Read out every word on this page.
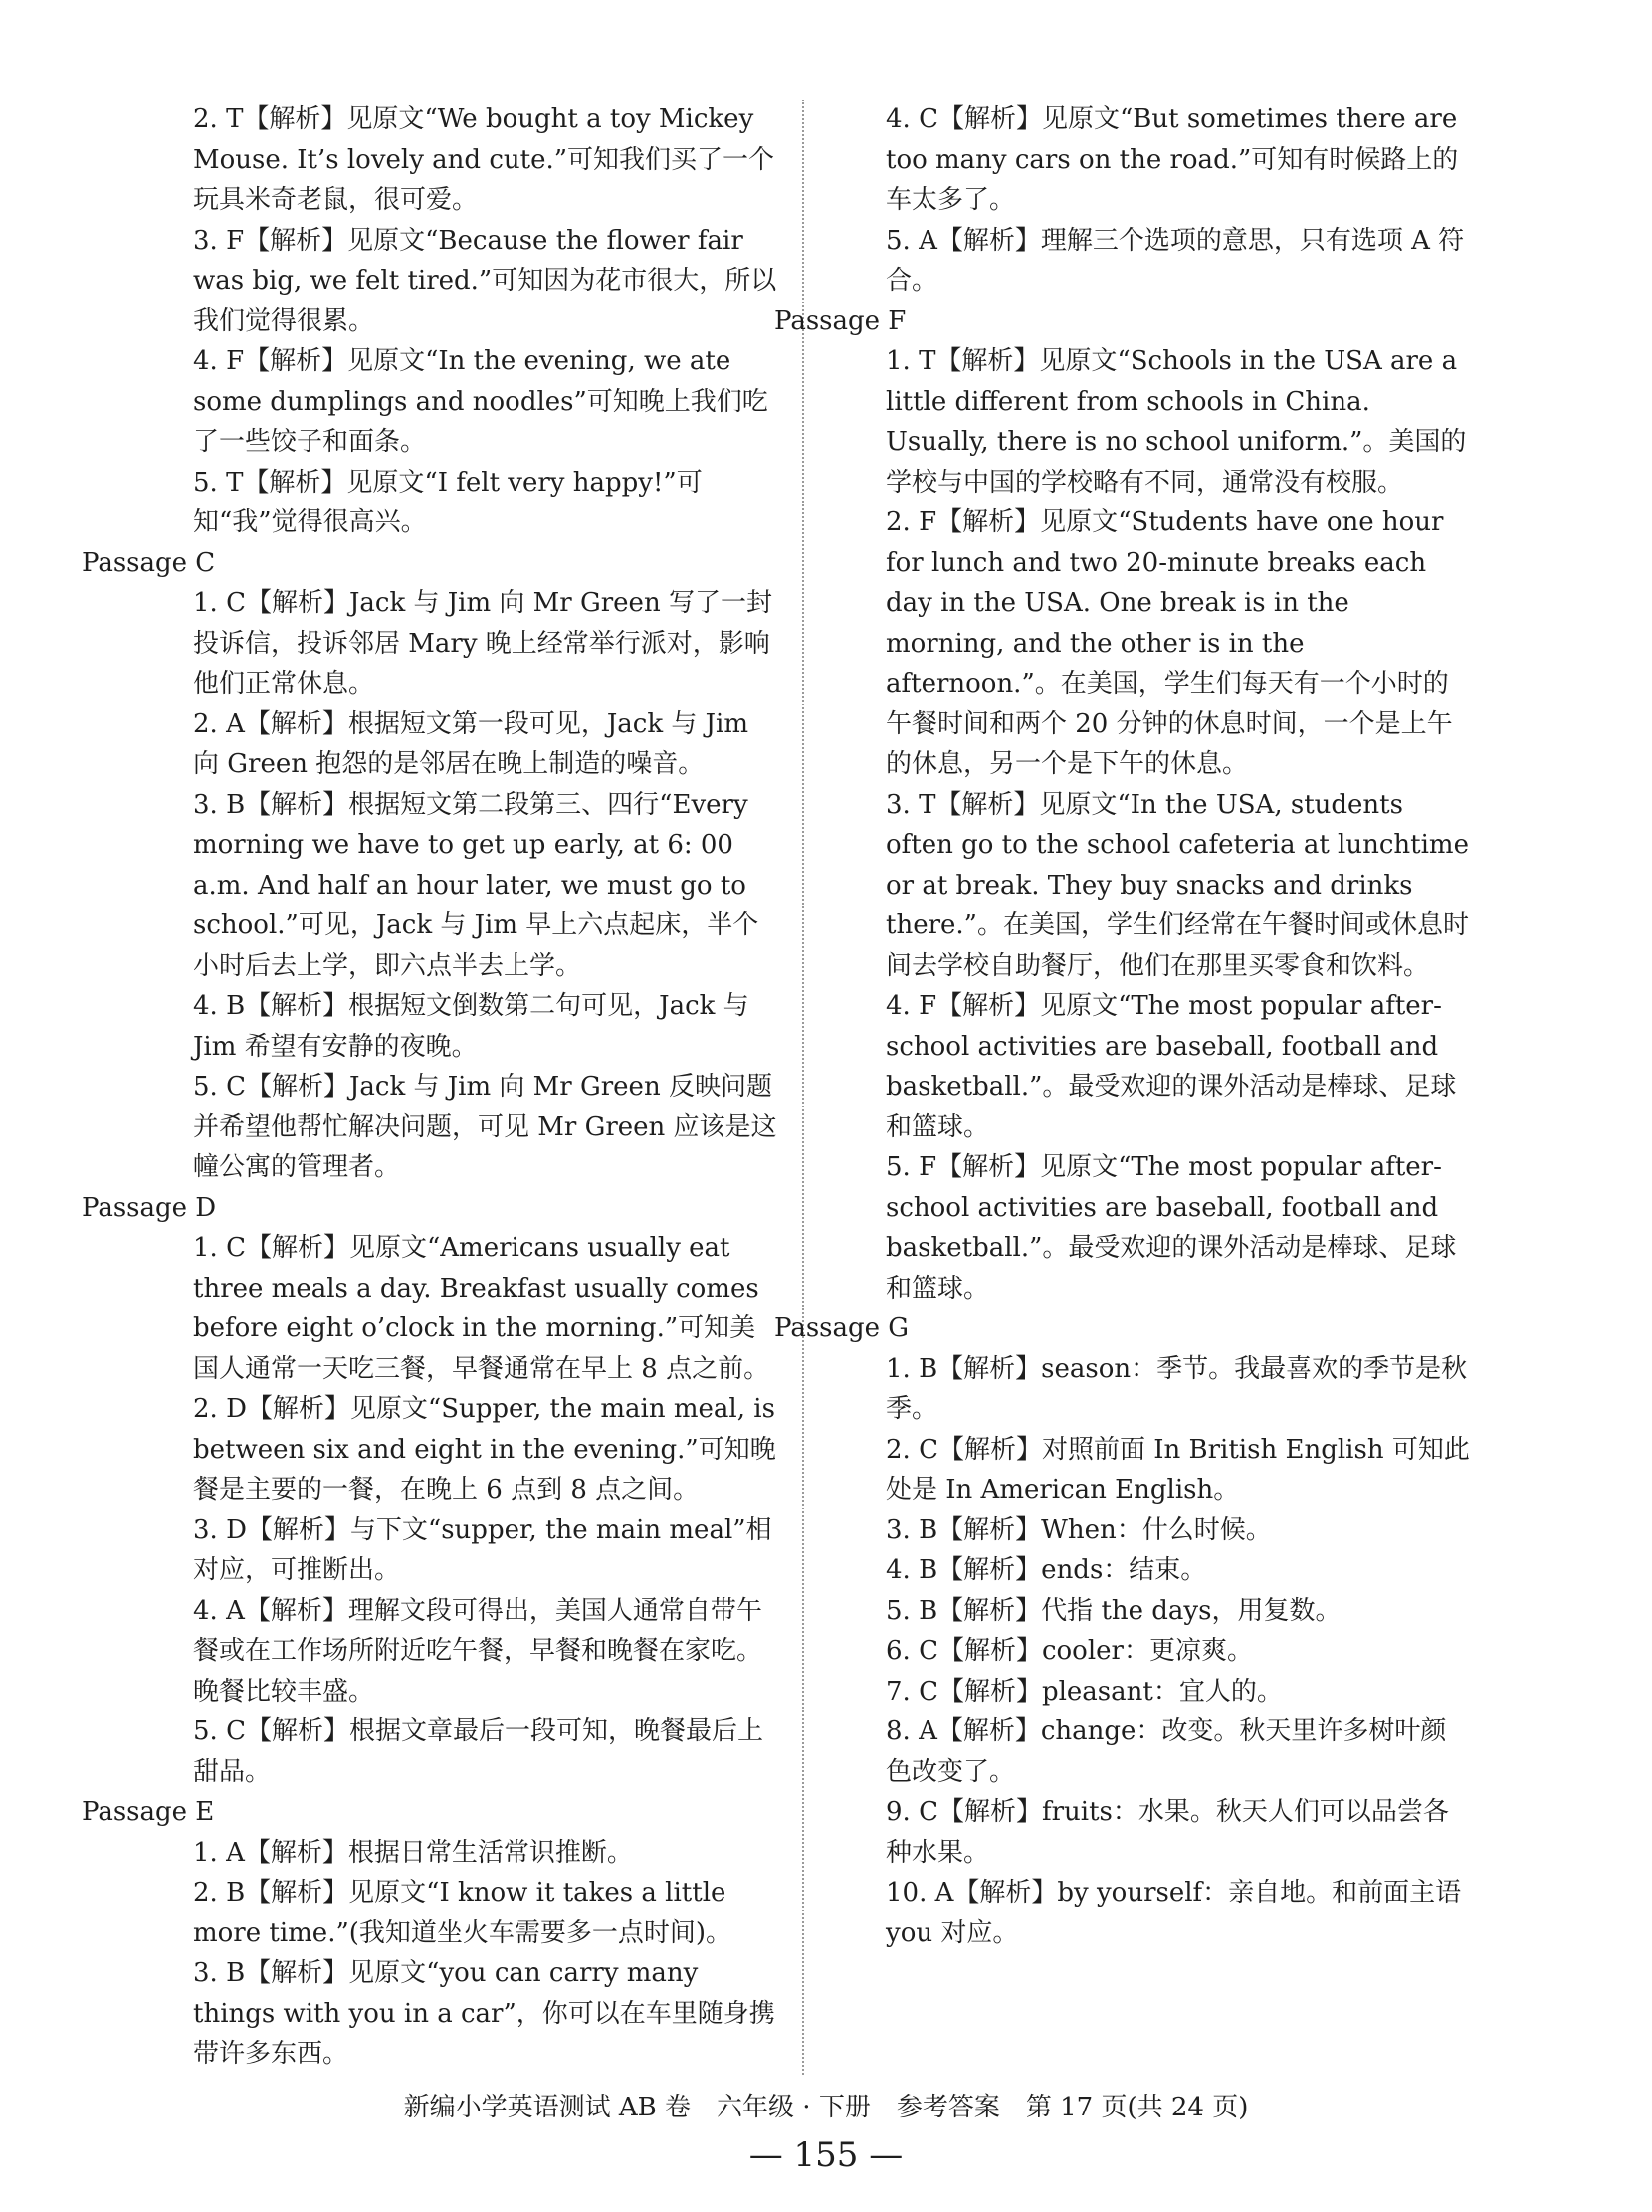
2. T【解析】见原文“We bought a toy Mickey Mouse. It’s lovely and cute.”可知我们买了一个玩具米奇老鼠，很可爱。
3. F【解析】见原文“Because the flower fair was big, we felt tired.”可知因为花市很大，所以我们觉得很累。
4. F【解析】见原文“In the evening, we ate some dumplings and noodles”可知晚上我们吃了一些饺子和面条。
5. T【解析】见原文“I felt very happy!”可知“我”觉得很高兴。
Passage C
1. C【解析】Jack 与 Jim 向 Mr Green 写了一封投诉信，投诉邻居 Mary 晚上经常举行派对，影响他们正常休息。
2. A【解析】根据短文第一段可见，Jack 与 Jim 向 Green 抱怨的是邻居在晚上制造的噪音。
3. B【解析】根据短文第二段第三、四行“Every morning we have to get up early, at 6: 00 a.m. And half an hour later, we must go to school.”可见，Jack 与 Jim 早上六点起床，半个小时后去上学，即六点半去上学。
4. B【解析】根据短文倒数第二句可见，Jack 与 Jim 希望有安静的夜晚。
5. C【解析】Jack 与 Jim 向 Mr Green 反映问题并希望他帮忙解决问题，可见 Mr Green 应该是这幢公寓的管理者。
Passage D
1. C【解析】见原文“Americans usually eat three meals a day. Breakfast usually comes before eight o’clock in the morning.”可知美国人通常一天吃三餐，早餐通常在早上 8 点之前。
2. D【解析】见原文“Supper, the main meal, is between six and eight in the evening.”可知晚餐是主要的一餐，在晚上 6 点到 8 点之间。
3. D【解析】与下文“supper, the main meal”相对应，可推断出。
4. A【解析】理解文段可得出，美国人通常自带午餐或在工作场所附近吃午餐，早餐和晚餐在家吃。晚餐比较丰盛。
5. C【解析】根据文章最后一段可知，晚餐最后上甜品。
Passage E
1. A【解析】根据日常生活常识推断。
2. B【解析】见原文“I know it takes a little more time.”(我知道坐火车需要多一点时间)。
3. B【解析】见原文“you can carry many things with you in a car”，你可以在车里随身携带许多东西。
4. C【解析】见原文“But sometimes there are too many cars on the road.”可知有时候路上的车太多了。
5. A【解析】理解三个选项的意思，只有选项 A 符合。
Passage F
1. T【解析】见原文“Schools in the USA are a little different from schools in China. Usually, there is no school uniform.”。美国的学校与中国的学校略有不同，通常没有校服。
2. F【解析】见原文“Students have one hour for lunch and two 20-minute breaks each day in the USA. One break is in the morning, and the other is in the afternoon.”。在美国，学生们每天有一个小时的午餐时间和两个 20 分钟的休息时间，一个是上午的休息，另一个是下午的休息。
3. T【解析】见原文“In the USA, students often go to the school cafeteria at lunchtime or at break. They buy snacks and drinks there.”。在美国，学生们经常在午餐时间或休息时间去学校自助餐厅，他们在那里买零食和饮料。
4. F【解析】见原文“The most popular after-school activities are baseball, football and basketball.”。最受欢迎的课外活动是棒球、足球和篮球。
5. F【解析】见原文“The most popular after-school activities are baseball, football and basketball.”。最受欢迎的课外活动是棒球、足球和篮球。
Passage G
1. B【解析】season：季节。我最喜欢的季节是秋季。
2. C【解析】对照前面 In British English 可知此处是 In American English。
3. B【解析】When：什么时候。
4. B【解析】ends：结束。
5. B【解析】代指 the days，用复数。
6. C【解析】cooler：更凉爽。
7. C【解析】pleasant：宜人的。
8. A【解析】change：改变。秋天里许多树叶颜色改变了。
9. C【解析】fruits：水果。秋天人们可以品尝各种水果。
10. A【解析】by yourself：亲自地。和前面主语 you 对应。
新编小学英语测试 AB 卷　六年级 · 下册　参考答案　第 17 页(共 24 页)
— 155 —
